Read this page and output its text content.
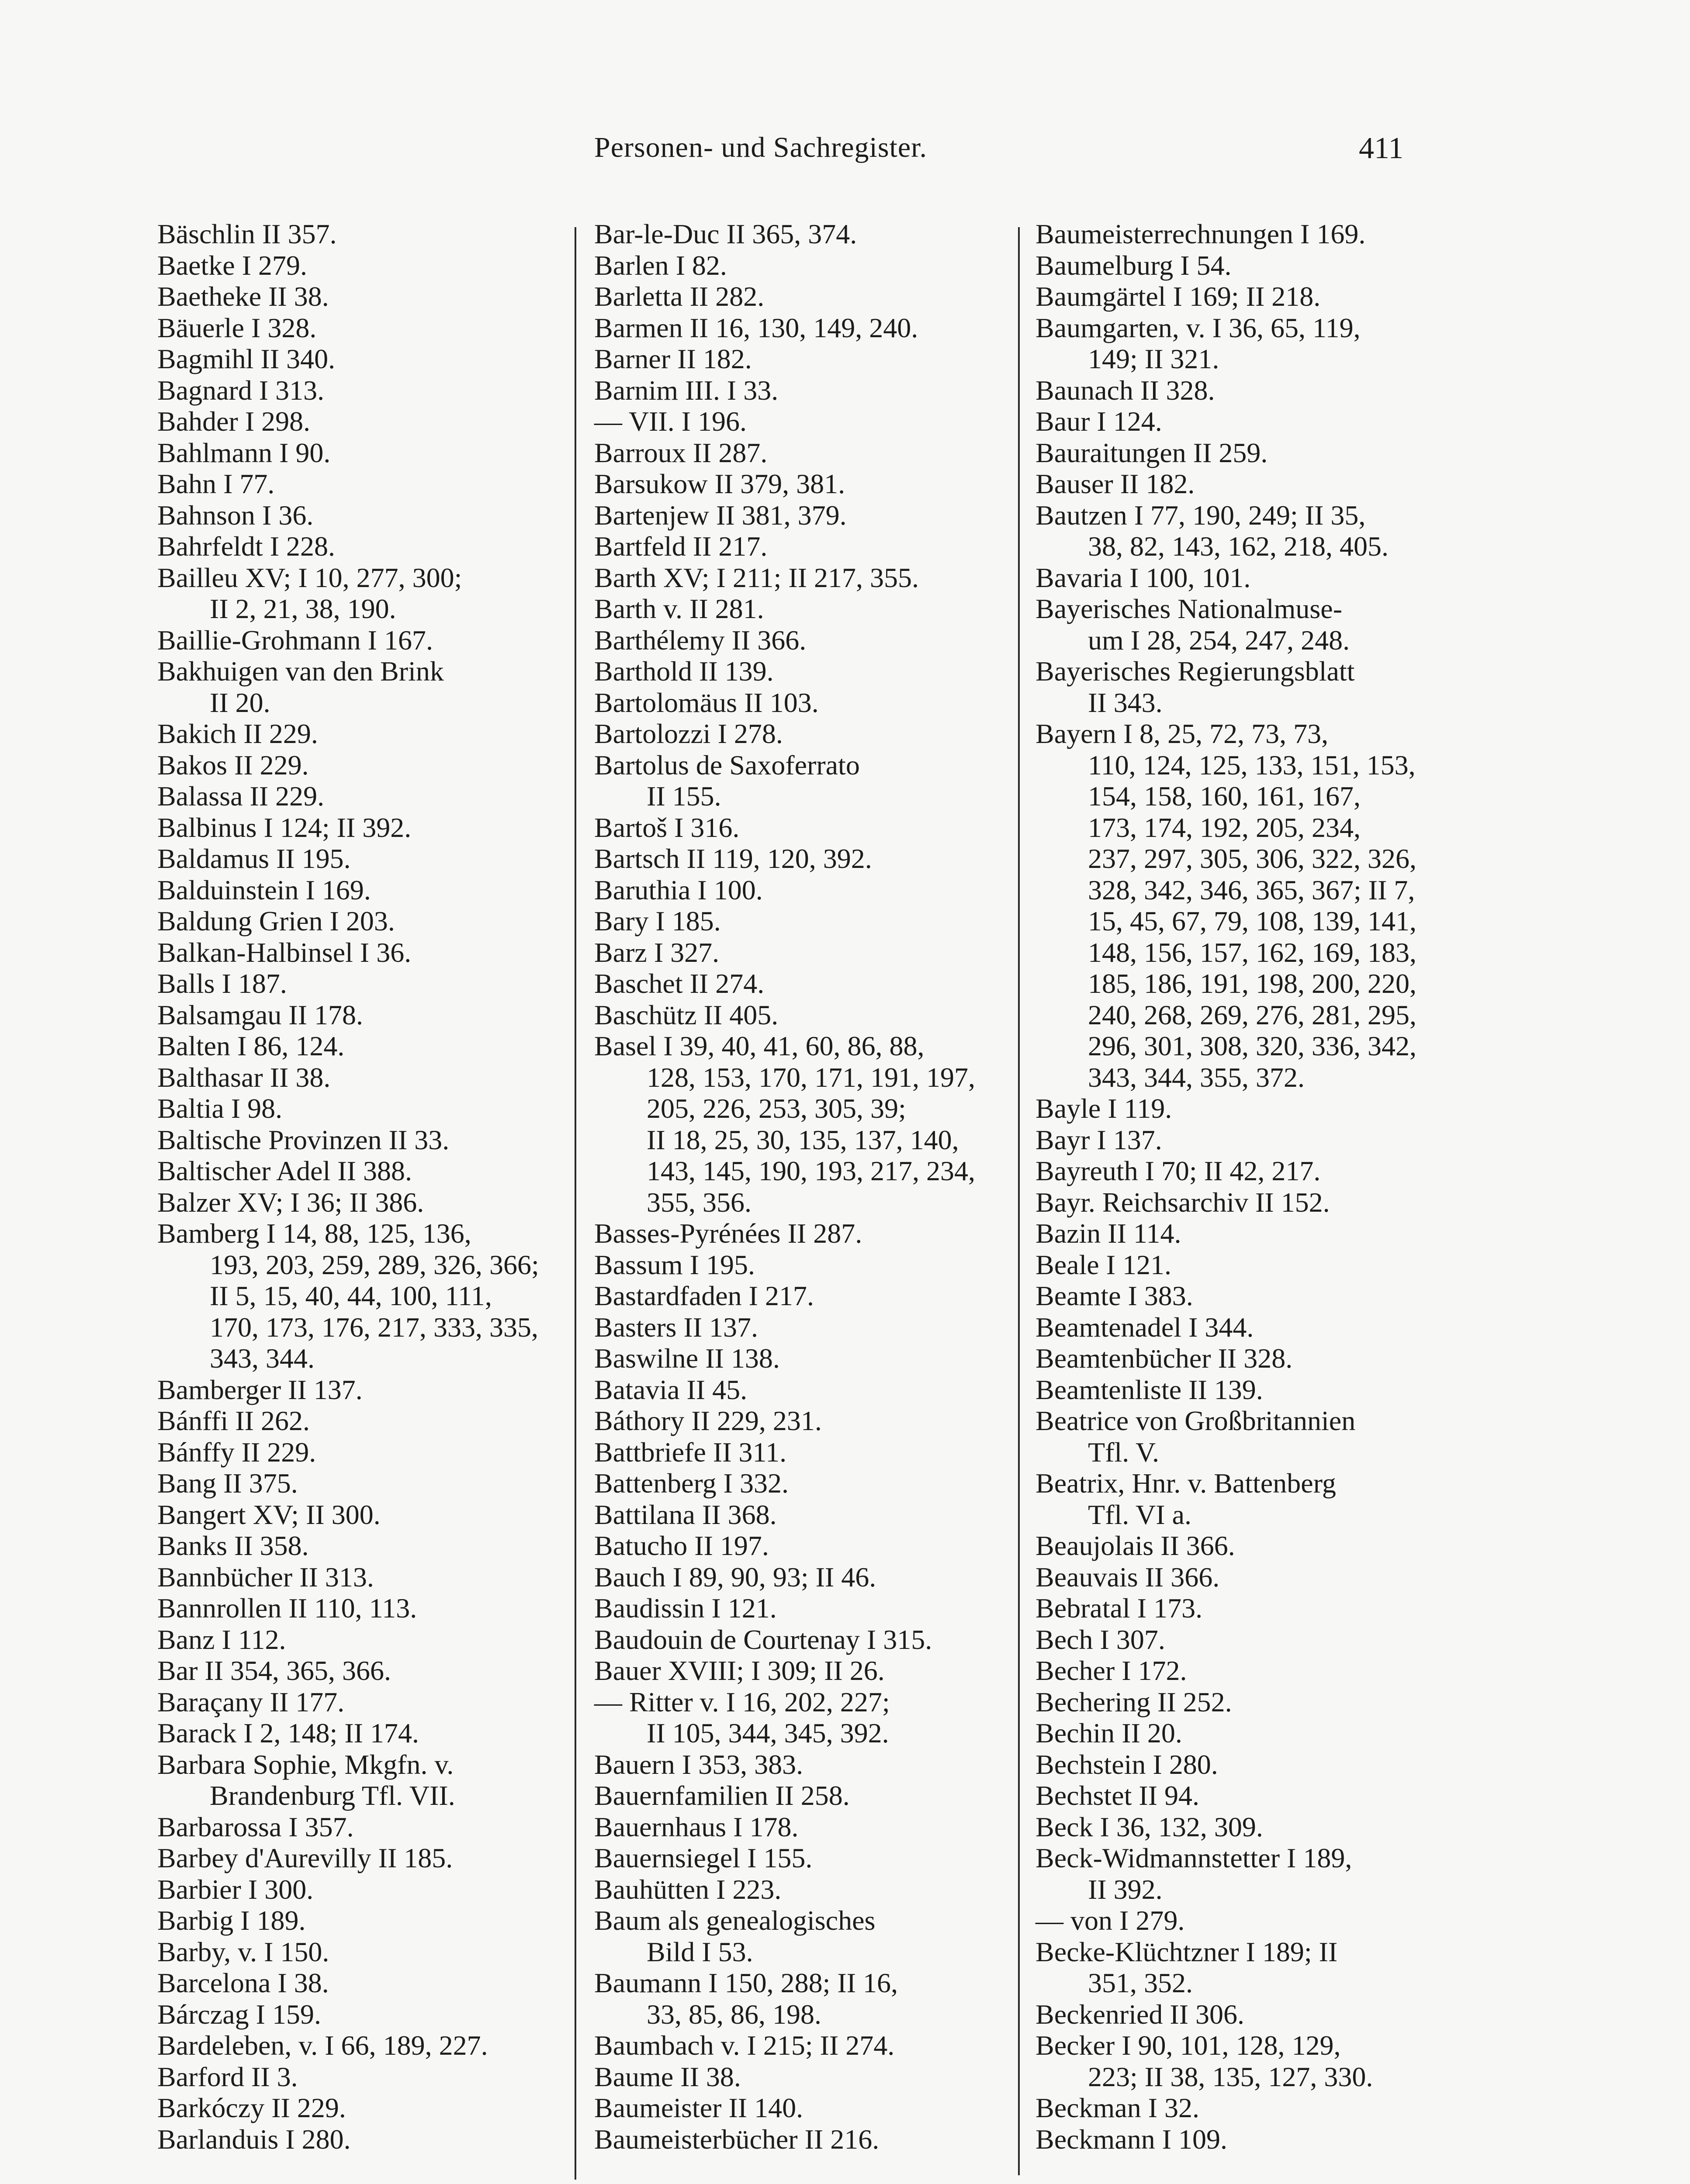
Personen- und Sachregister.	411
Bäschlin II 357.
Baetke I 279.
Baetheke II 38.
Bäuerle I 328.
Bagmihl II 340.
Bagnard I 313.
Bahder I 298.
Bahlmann I 90.
Bahn I 77.
Bahnson I 36.
Bahrfeldt I 228.
Bailleu XV; I 10, 277, 300;
II 2, 21, 38, 190.
Baillie-Grohmann I 167.
Bakhuigen van den Brink
II 20.
Bakich II 229.
Bakos II 229.
Balassa II 229.
Balbinus I 124; II 392.
Baldamus II 195.
Balduinstein I 169.
Baldung Grien I 203.
Balkan-Halbinsel I 36.
Balls I 187.
Balsamgau II 178.
Balten I 86, 124.
Balthasar II 38.
Baltia I 98.
Baltische Provinzen II 33.
Baltischer Adel II 388.
Balzer XV; I 36; II 386.
Bamberg I 14, 88, 125, 136,
193, 203, 259, 289, 326, 366;
II 5, 15, 40, 44, 100, 111,
170, 173, 176, 217, 333, 335,
343, 344.
Bamberger II 137.
Bánffi II 262.
Bánffy II 229.
Bang II 375.
Bangert XV; II 300.
Banks II 358.
Bannbücher II 313.
Bannrollen II 110, 113.
Banz I 112.
Bar II 354, 365, 366.
Baraçany II 177.
Barack I 2, 148; II 174.
Barbara Sophie, Mkgfn. v.
Brandenburg Tfl. VII.
Barbarossa I 357.
Barbey d'Aurevilly II 185.
Barbier I 300.
Barbig I 189.
Barby, v. I 150.
Barcelona I 38.
Bárczag I 159.
Bardeleben, v. I 66, 189, 227.
Barford II 3.
Barkóczy II 229.
Barlanduis I 280.
Bar-le-Duc II 365, 374.
Barlen I 82.
Barletta II 282.
Barmen II 16, 130, 149, 240.
Barner II 182.
Barnim III. I 33.
— VII. I 196.
Barroux II 287.
Barsukow II 379, 381.
Bartenjew II 381, 379.
Bartfeld II 217.
Barth XV; I 211; II 217, 355.
Barth v. II 281.
Barthélemy II 366.
Barthold II 139.
Bartolomäus II 103.
Bartolozzi I 278.
Bartolus de Saxoferrato
II 155.
Bartoš I 316.
Bartsch II 119, 120, 392.
Baruthia I 100.
Bary I 185.
Barz I 327.
Baschet II 274.
Baschütz II 405.
Basel I 39, 40, 41, 60, 86, 88,
128, 153, 170, 171, 191, 197,
205, 226, 253, 305, 39;
II 18, 25, 30, 135, 137, 140,
143, 145, 190, 193, 217, 234,
355, 356.
Basses-Pyrénées II 287.
Bassum I 195.
Bastardfaden I 217.
Basters II 137.
Baswilne II 138.
Batavia II 45.
Báthory II 229, 231.
Battbriefe II 311.
Battenberg I 332.
Battilana II 368.
Batucho II 197.
Bauch I 89, 90, 93; II 46.
Baudissin I 121.
Baudouin de Courtenay I 315.
Bauer XVIII; I 309; II 26.
— Ritter v. I 16, 202, 227;
II 105, 344, 345, 392.
Bauern I 353, 383.
Bauernfamilien II 258.
Bauernhaus I 178.
Bauernsiegel I 155.
Bauhütten I 223.
Baum als genealogisches
Bild I 53.
Baumann I 150, 288; II 16,
33, 85, 86, 198.
Baumbach v. I 215; II 274.
Baume II 38.
Baumeister II 140.
Baumeisterbücher II 216.
Baumeisterrechnungen I 169.
Baumelburg I 54.
Baumgärtel I 169; II 218.
Baumgarten, v. I 36, 65, 119,
149; II 321.
Baunach II 328.
Baur I 124.
Bauraitungen II 259.
Bauser II 182.
Bautzen I 77, 190, 249; II 35,
38, 82, 143, 162, 218, 405.
Bavaria I 100, 101.
Bayerisches Nationalmuse-
um I 28, 254, 247, 248.
Bayerisches Regierungsblatt
II 343.
Bayern I 8, 25, 72, 73, 73,
110, 124, 125, 133, 151, 153,
154, 158, 160, 161, 167,
173, 174, 192, 205, 234,
237, 297, 305, 306, 322, 326,
328, 342, 346, 365, 367; II 7,
15, 45, 67, 79, 108, 139, 141,
148, 156, 157, 162, 169, 183,
185, 186, 191, 198, 200, 220,
240, 268, 269, 276, 281, 295,
296, 301, 308, 320, 336, 342,
343, 344, 355, 372.
Bayle I 119.
Bayr I 137.
Bayreuth I 70; II 42, 217.
Bayr. Reichsarchiv II 152.
Bazin II 114.
Beale I 121.
Beamte I 383.
Beamtenadel I 344.
Beamtenbücher II 328.
Beamtenliste II 139.
Beatrice von Großbritannien
Tfl. V.
Beatrix, Hnr. v. Battenberg
Tfl. VI a.
Beaujolais II 366.
Beauvais II 366.
Bebratal I 173.
Bech I 307.
Becher I 172.
Bechering II 252.
Bechin II 20.
Bechstein I 280.
Bechstet II 94.
Beck I 36, 132, 309.
Beck-Widmannstetter I 189,
II 392.
— von I 279.
Becke-Klüchtzner I 189; II
351, 352.
Beckenried II 306.
Becker I 90, 101, 128, 129,
223; II 38, 135, 127, 330.
Beckman I 32.
Beckmann I 109.
